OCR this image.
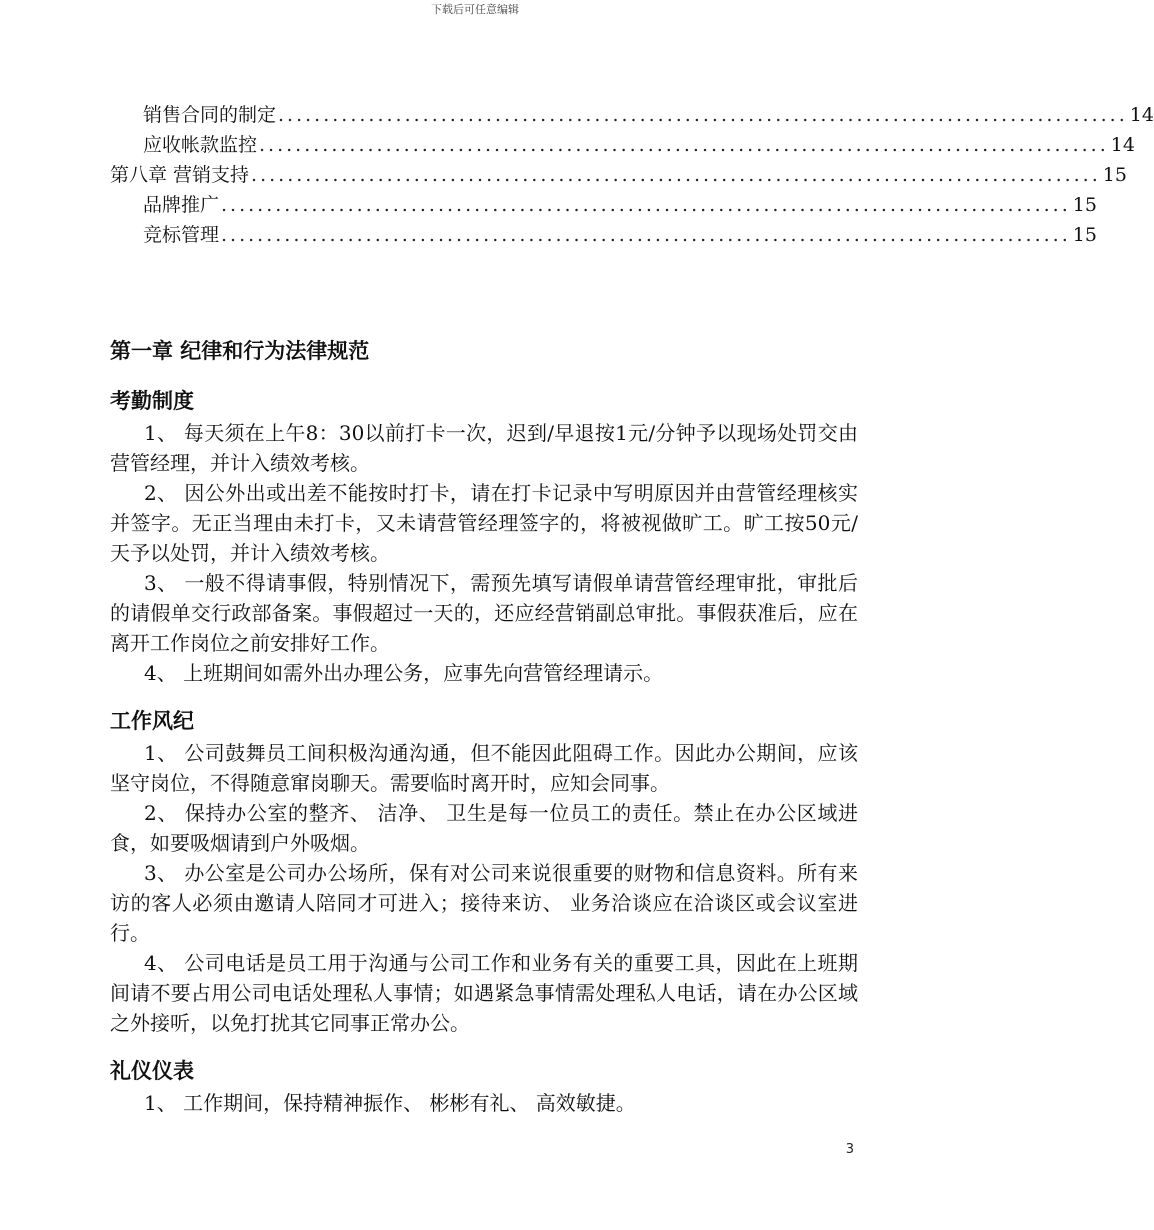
下载后可任意编辑
销售合同的制定 .............................................................................................. 14
应收帐款监控 .............................................................................................. 14
第八章 营销支持 .............................................................................................. 15
品牌推广 .............................................................................................. 15
竞标管理 .............................................................................................. 15
第一章 纪律和行为法律规范
考勤制度

1、 每天须在上午8：30以前打卡一次，迟到/早退按1元/分钟予以现场处罚交由营管经理，并计入绩效考核。

2、 因公外出或出差不能按时打卡，请在打卡记录中写明原因并由营管经理核实并签字。无正当理由未打卡，又未请营管经理签字的，将被视做旷工。旷工按50元/天予以处罚，并计入绩效考核。

3、 一般不得请事假，特别情况下，需预先填写请假单请营管经理审批，审批后的请假单交行政部备案。事假超过一天的，还应经营销副总审批。事假获准后，应在离开工作岗位之前安排好工作。

4、 上班期间如需外出办理公务，应事先向营管经理请示。

工作风纪

1、 公司鼓舞员工间积极沟通沟通，但不能因此阻碍工作。因此办公期间，应该坚守岗位，不得随意窜岗聊天。需要临时离开时，应知会同事。

2、 保持办公室的整齐、 洁净、 卫生是每一位员工的责任。禁止在办公区域进食，如要吸烟请到户外吸烟。

3、 办公室是公司办公场所，保有对公司来说很重要的财物和信息资料。所有来访的客人必须由邀请人陪同才可进入；接待来访、 业务洽谈应在洽谈区或会议室进行。

4、 公司电话是员工用于沟通与公司工作和业务有关的重要工具，因此在上班期间请不要占用公司电话处理私人事情；如遇紧急事情需处理私人电话，请在办公区域之外接听，以免打扰其它同事正常办公。

礼仪仪表

1、 工作期间，保持精神振作、 彬彬有礼、 高效敏捷。

3
